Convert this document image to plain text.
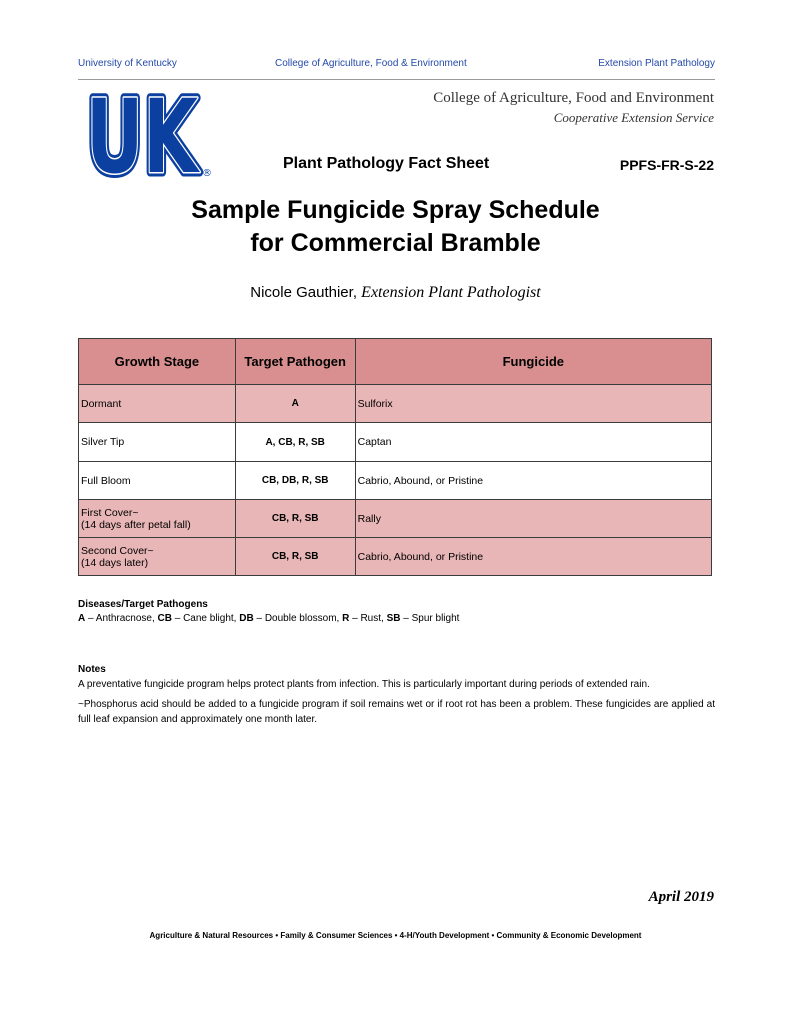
University of Kentucky	College of Agriculture, Food & Environment	Extension Plant Pathology
UK
UK
UK ®
College of Agriculture, Food and Environment
Cooperative Extension Service
Plant Pathology Fact Sheet	PPFS-FR-S-22
Sample Fungicide Spray Schedule
for Commercial Bramble
Nicole Gauthier, Extension Plant Pathologist
Growth Stage	Target Pathogen	Fungicide
Dormant	A	Sulforix
Silver Tip	A, CB, R, SB	Captan
Full Bloom	CB, DB, R, SB	Cabrio, Abound, or Pristine

First Cover~
(14 days after petal fall)	CB, R, SB	Rally

Second Cover~
(14 days later)	CB, R, SB	Cabrio, Abound, or Pristine
Diseases/Target Pathogens
A – Anthracnose, CB – Cane blight, DB – Double blossom, R – Rust, SB – Spur blight
Notes

A preventative fungicide program helps protect plants from infection. This is particularly important during periods of extended rain.

~Phosphorus acid should be added to a fungicide program if soil remains wet or if root rot has been a problem. These fungicides are applied at full leaf expansion and approximately one month later.

April 2019
Agriculture & Natural Resources • Family & Consumer Sciences • 4-H/Youth Development • Community & Economic Development
